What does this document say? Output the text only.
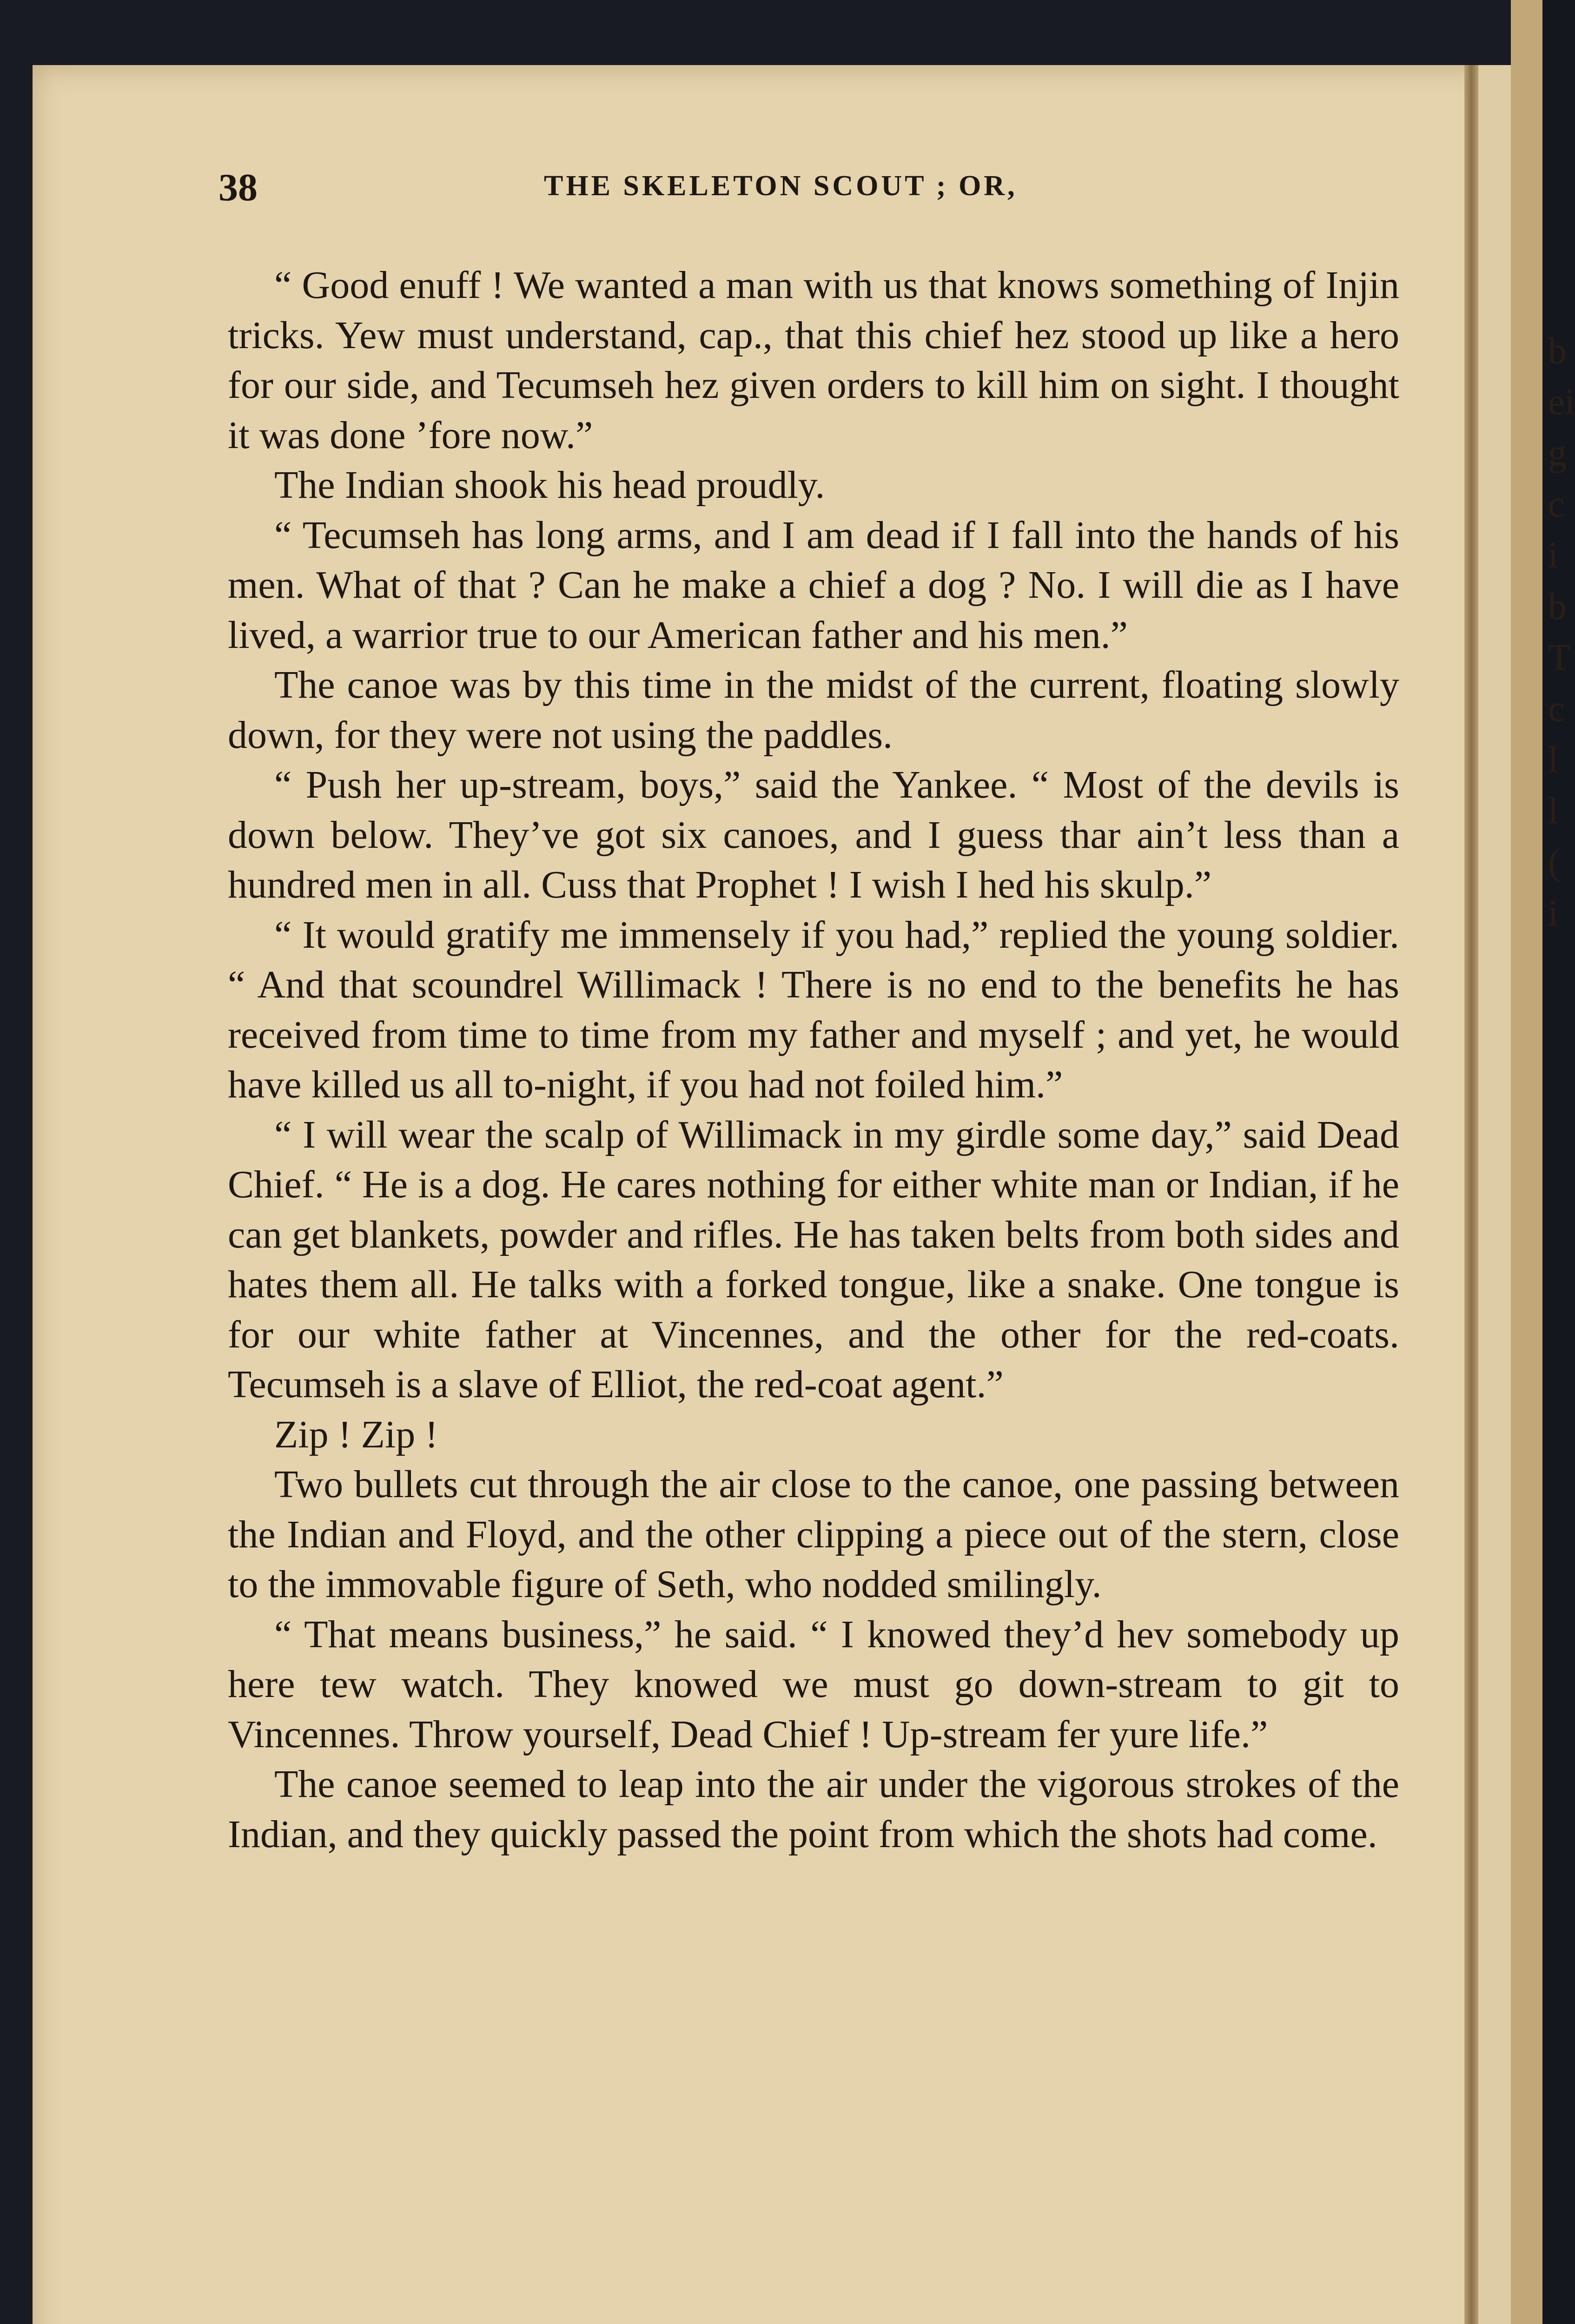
b
ei
g
c
i
b
T
c
l
l
(
i
38	THE SKELETON SCOUT ; OR,

“ Good enuff ! We wanted a man with us that knows something of Injin tricks. Yew must understand, cap., that this chief hez stood up like a hero for our side, and Tecumseh hez given orders to kill him on sight. I thought it was done ’fore now.”

The Indian shook his head proudly.

“ Tecumseh has long arms, and I am dead if I fall into the hands of his men. What of that ? Can he make a chief a dog ? No. I will die as I have lived, a warrior true to our American father and his men.”

The canoe was by this time in the midst of the current, floating slowly down, for they were not using the paddles.

“ Push her up-stream, boys,” said the Yankee. “ Most of the devils is down below. They’ve got six canoes, and I guess thar ain’t less than a hundred men in all. Cuss that Prophet ! I wish I hed his skulp.”

“ It would gratify me immensely if you had,” replied the young soldier. “ And that scoundrel Willimack ! There is no end to the benefits he has received from time to time from my father and myself ; and yet, he would have killed us all to-night, if you had not foiled him.”

“ I will wear the scalp of Willimack in my girdle some day,” said Dead Chief. “ He is a dog. He cares nothing for either white man or Indian, if he can get blankets, powder and rifles. He has taken belts from both sides and hates them all. He talks with a forked tongue, like a snake. One tongue is for our white father at Vincennes, and the other for the red-coats. Tecumseh is a slave of Elliot, the red-coat agent.”

Zip ! Zip !

Two bullets cut through the air close to the canoe, one passing between the Indian and Floyd, and the other clipping a piece out of the stern, close to the immovable figure of Seth, who nodded smilingly.

“ That means business,” he said. “ I knowed they’d hev somebody up here tew watch. They knowed we must go down-stream to git to Vincennes. Throw yourself, Dead Chief ! Up-stream fer yure life.”

The canoe seemed to leap into the air under the vigorous strokes of the Indian, and they quickly passed the point from which the shots had come.
